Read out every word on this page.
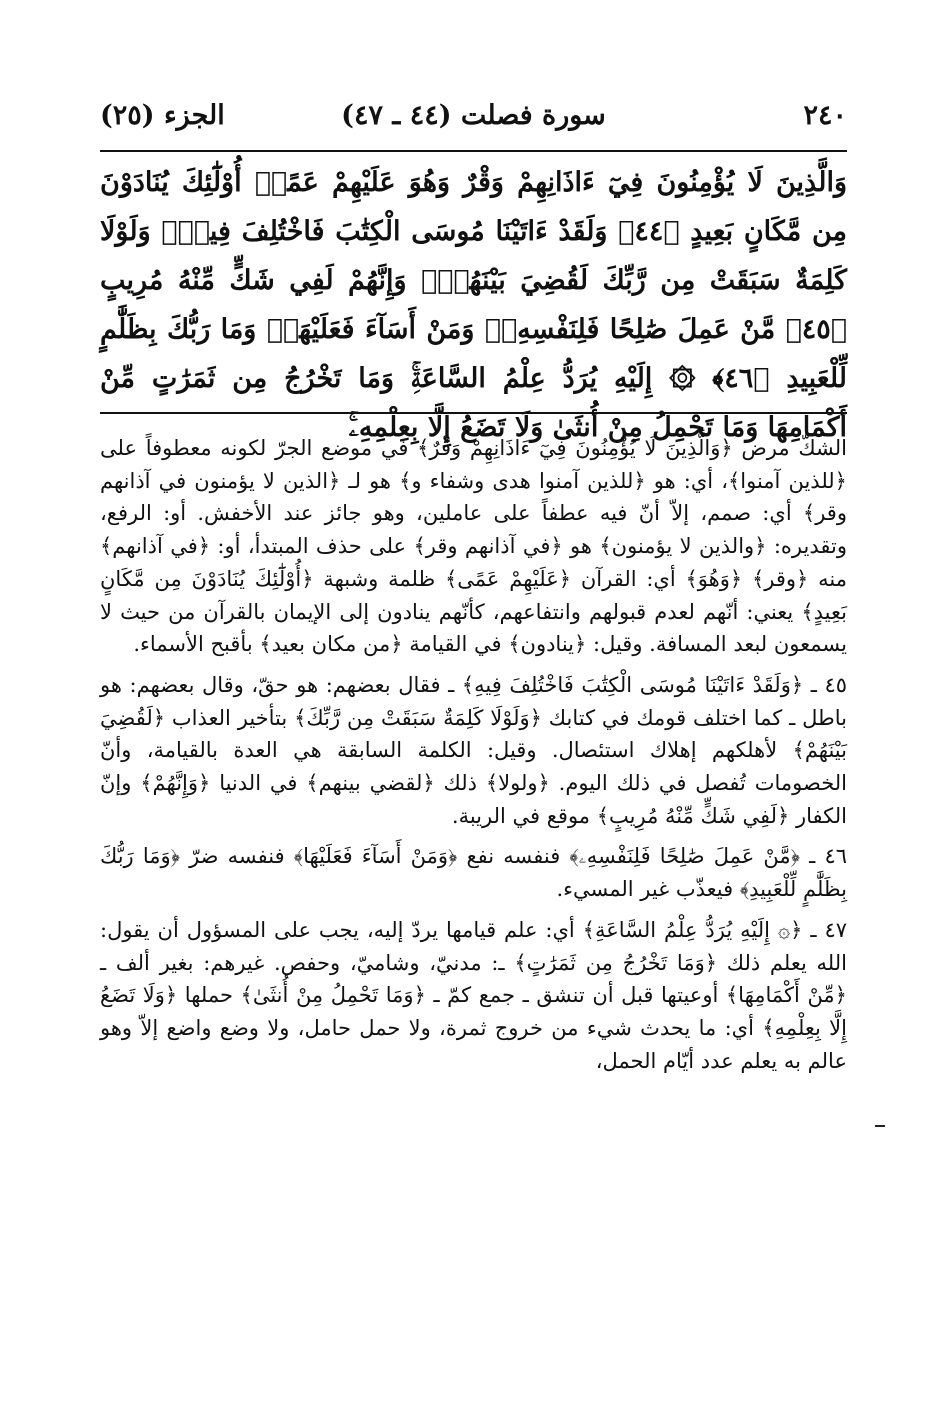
٢٤٠
سورة فصلت (٤٤ ـ ٤٧)
الجزء (٢٥)
وَالَّذِينَ لَا يُؤْمِنُونَ فِيٓ ءَاذَانِهِمْ وَقْرٌ وَهُوَ عَلَيْهِمْ عَمًىۚ أُوْلَٰٓئِكَ يُنَادَوْنَ مِن مَّكَانٍ بَعِيدٍ ﴿٤٤﴾ وَلَقَدْ ءَاتَيْنَا مُوسَى الْكِتَٰبَ فَاخْتُلِفَ فِيهِۗ وَلَوْلَا كَلِمَةٌ سَبَقَتْ مِن رَّبِّكَ لَقُضِيَ بَيْنَهُمْۚ وَإِنَّهُمْ لَفِي شَكٍّ مِّنْهُ مُرِيبٍ ﴿٤٥﴾ مَّنْ عَمِلَ صَٰلِحًا فَلِنَفْسِهِۦۖ وَمَنْ أَسَآءَ فَعَلَيْهَاۗ وَمَا رَبُّكَ بِظَلَّٰمٍ لِّلْعَبِيدِ ﴿٤٦﴾ ۞ إِلَيْهِ يُرَدُّ عِلْمُ السَّاعَةِۚ وَمَا تَخْرُجُ مِن ثَمَرَٰتٍ مِّنْ أَكْمَامِهَا وَمَا تَحْمِلُ مِنْ أُنثَىٰ وَلَا تَضَعُ إِلَّا بِعِلْمِهِۦۚ

الشكّ مرض ﴿وَالَّذِينَ لَا يُؤْمِنُونَ فِيٓ ءَاذَانِهِمْ وَقْرٌ﴾ في موضع الجرّ لكونه معطوفاً على ﴿للذين آمنوا﴾، أي: هو ﴿للذين آمنوا هدى وشفاء و﴾ هو لـ ﴿الذين لا يؤمنون في آذانهم وقر﴾ أي: صمم، إلاّ أنّ فيه عطفاً على عاملين، وهو جائز عند الأخفش. أو: الرفع، وتقديره: ﴿والذين لا يؤمنون﴾ هو ﴿في آذانهم وقر﴾ على حذف المبتدأ، أو: ﴿في آذانهم﴾ منه ﴿وقر﴾ ﴿وَهُوَ﴾ أي: القرآن ﴿عَلَيْهِمْ عَمًى﴾ ظلمة وشبهة ﴿أُوْلَٰٓئِكَ يُنَادَوْنَ مِن مَّكَانٍ بَعِيدٍ﴾ يعني: أنّهم لعدم قبولهم وانتفاعهم، كأنّهم ينادون إلى الإيمان بالقرآن من حيث لا يسمعون لبعد المسافة. وقيل: ﴿ينادون﴾ في القيامة ﴿من مكان بعيد﴾ بأقبح الأسماء.

٤٥ ـ ﴿وَلَقَدْ ءَاتَيْنَا مُوسَى الْكِتَٰبَ فَاخْتُلِفَ فِيهِ﴾ ـ فقال بعضهم: هو حقّ، وقال بعضهم: هو باطل ـ كما اختلف قومك في كتابك ﴿وَلَوْلَا كَلِمَةٌ سَبَقَتْ مِن رَّبِّكَ﴾ بتأخير العذاب ﴿لَقُضِيَ بَيْنَهُمْ﴾ لأهلكهم إهلاك استئصال. وقيل: الكلمة السابقة هي العدة بالقيامة، وأنّ الخصومات تُفصل في ذلك اليوم. ﴿ولولا﴾ ذلك ﴿لقضي بينهم﴾ في الدنيا ﴿وَإِنَّهُمْ﴾ وإنّ الكفار ﴿لَفِي شَكٍّ مِّنْهُ مُرِيبٍ﴾ موقع في الريبة.

٤٦ ـ ﴿مَّنْ عَمِلَ صَٰلِحًا فَلِنَفْسِهِۦ﴾ فنفسه نفع ﴿وَمَنْ أَسَآءَ فَعَلَيْهَا﴾ فنفسه ضرّ ﴿وَمَا رَبُّكَ بِظَلَّٰمٍ لِّلْعَبِيدِ﴾ فيعذّب غير المسيء.

٤٧ ـ ﴿۞ إِلَيْهِ يُرَدُّ عِلْمُ السَّاعَةِ﴾ أي: علم قيامها يردّ إليه، يجب على المسؤول أن يقول: الله يعلم ذلك ﴿وَمَا تَخْرُجُ مِن ثَمَرَٰتٍ﴾ ـ: مدنيّ، وشاميّ، وحفص. غيرهم: بغير ألف ـ ﴿مِّنْ أَكْمَامِهَا﴾ أوعيتها قبل أن تنشق ـ جمع كمّ ـ ﴿وَمَا تَحْمِلُ مِنْ أُنثَىٰ﴾ حملها ﴿وَلَا تَضَعُ إِلَّا بِعِلْمِهِ﴾ أي: ما يحدث شيء من خروج ثمرة، ولا حمل حامل، ولا وضع واضع إلاّ وهو عالم به يعلم عدد أيّام الحمل،
